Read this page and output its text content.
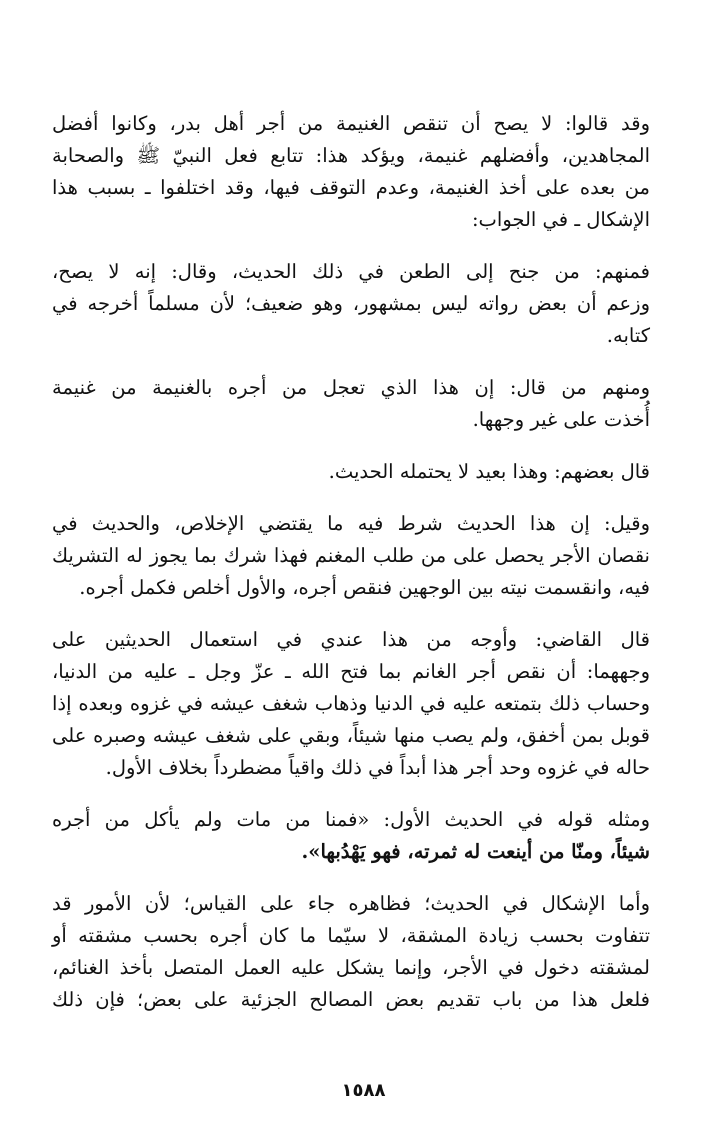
وقد قالوا: لا يصح أن تنقص الغنيمة من أجر أهل بدر، وكانوا أفضل
المجاهدين، وأفضلهم غنيمة، ويؤكد هذا: تتابع فعل النبيّ ﷺ والصحابة
من بعده على أخذ الغنيمة، وعدم التوقف فيها، وقد اختلفوا ـ بسبب هذا
الإشكال ـ في الجواب:
فمنهم: من جنح إلى الطعن في ذلك الحديث، وقال: إنه لا يصح،
وزعم أن بعض رواته ليس بمشهور، وهو ضعيف؛ لأن مسلماً أخرجه في
كتابه.
ومنهم من قال: إن هذا الذي تعجل من أجره بالغنيمة من غنيمة
أُخذت على غير وجهها.
قال بعضهم: وهذا بعيد لا يحتمله الحديث.
وقيل: إن هذا الحديث شرط فيه ما يقتضي الإخلاص، والحديث في
نقصان الأجر يحصل على من طلب المغنم فهذا شرك بما يجوز له التشريك
فيه، وانقسمت نيته بين الوجهين فنقص أجره، والأول أخلص فكمل أجره.
قال القاضي: وأوجه من هذا عندي في استعمال الحديثين على
وجههما: أن نقص أجر الغانم بما فتح الله ـ عزّ وجل ـ عليه من الدنيا،
وحساب ذلك بتمتعه عليه في الدنيا وذهاب شغف عيشه في غزوه وبعده إذا
قوبل بمن أخفق، ولم يصب منها شيئاً، وبقي على شغف عيشه وصبره على
حاله في غزوه وحد أجر هذا أبداً في ذلك واقياً مضطرداً بخلاف الأول.
ومثله قوله في الحديث الأول: «فمنا من مات ولم يأكل من أجره
شيئاً، ومنّا من أينعت له ثمرته، فهو يَهْدُبها».
وأما الإشكال في الحديث؛ فظاهره جاء على القياس؛ لأن الأمور قد
تتفاوت بحسب زيادة المشقة، لا سيّما ما كان أجره بحسب مشقته أو
لمشقته دخول في الأجر، وإنما يشكل عليه العمل المتصل بأخذ الغنائم،
فلعل هذا من باب تقديم بعض المصالح الجزئية على بعض؛ فإن ذلك
١٥٨٨
